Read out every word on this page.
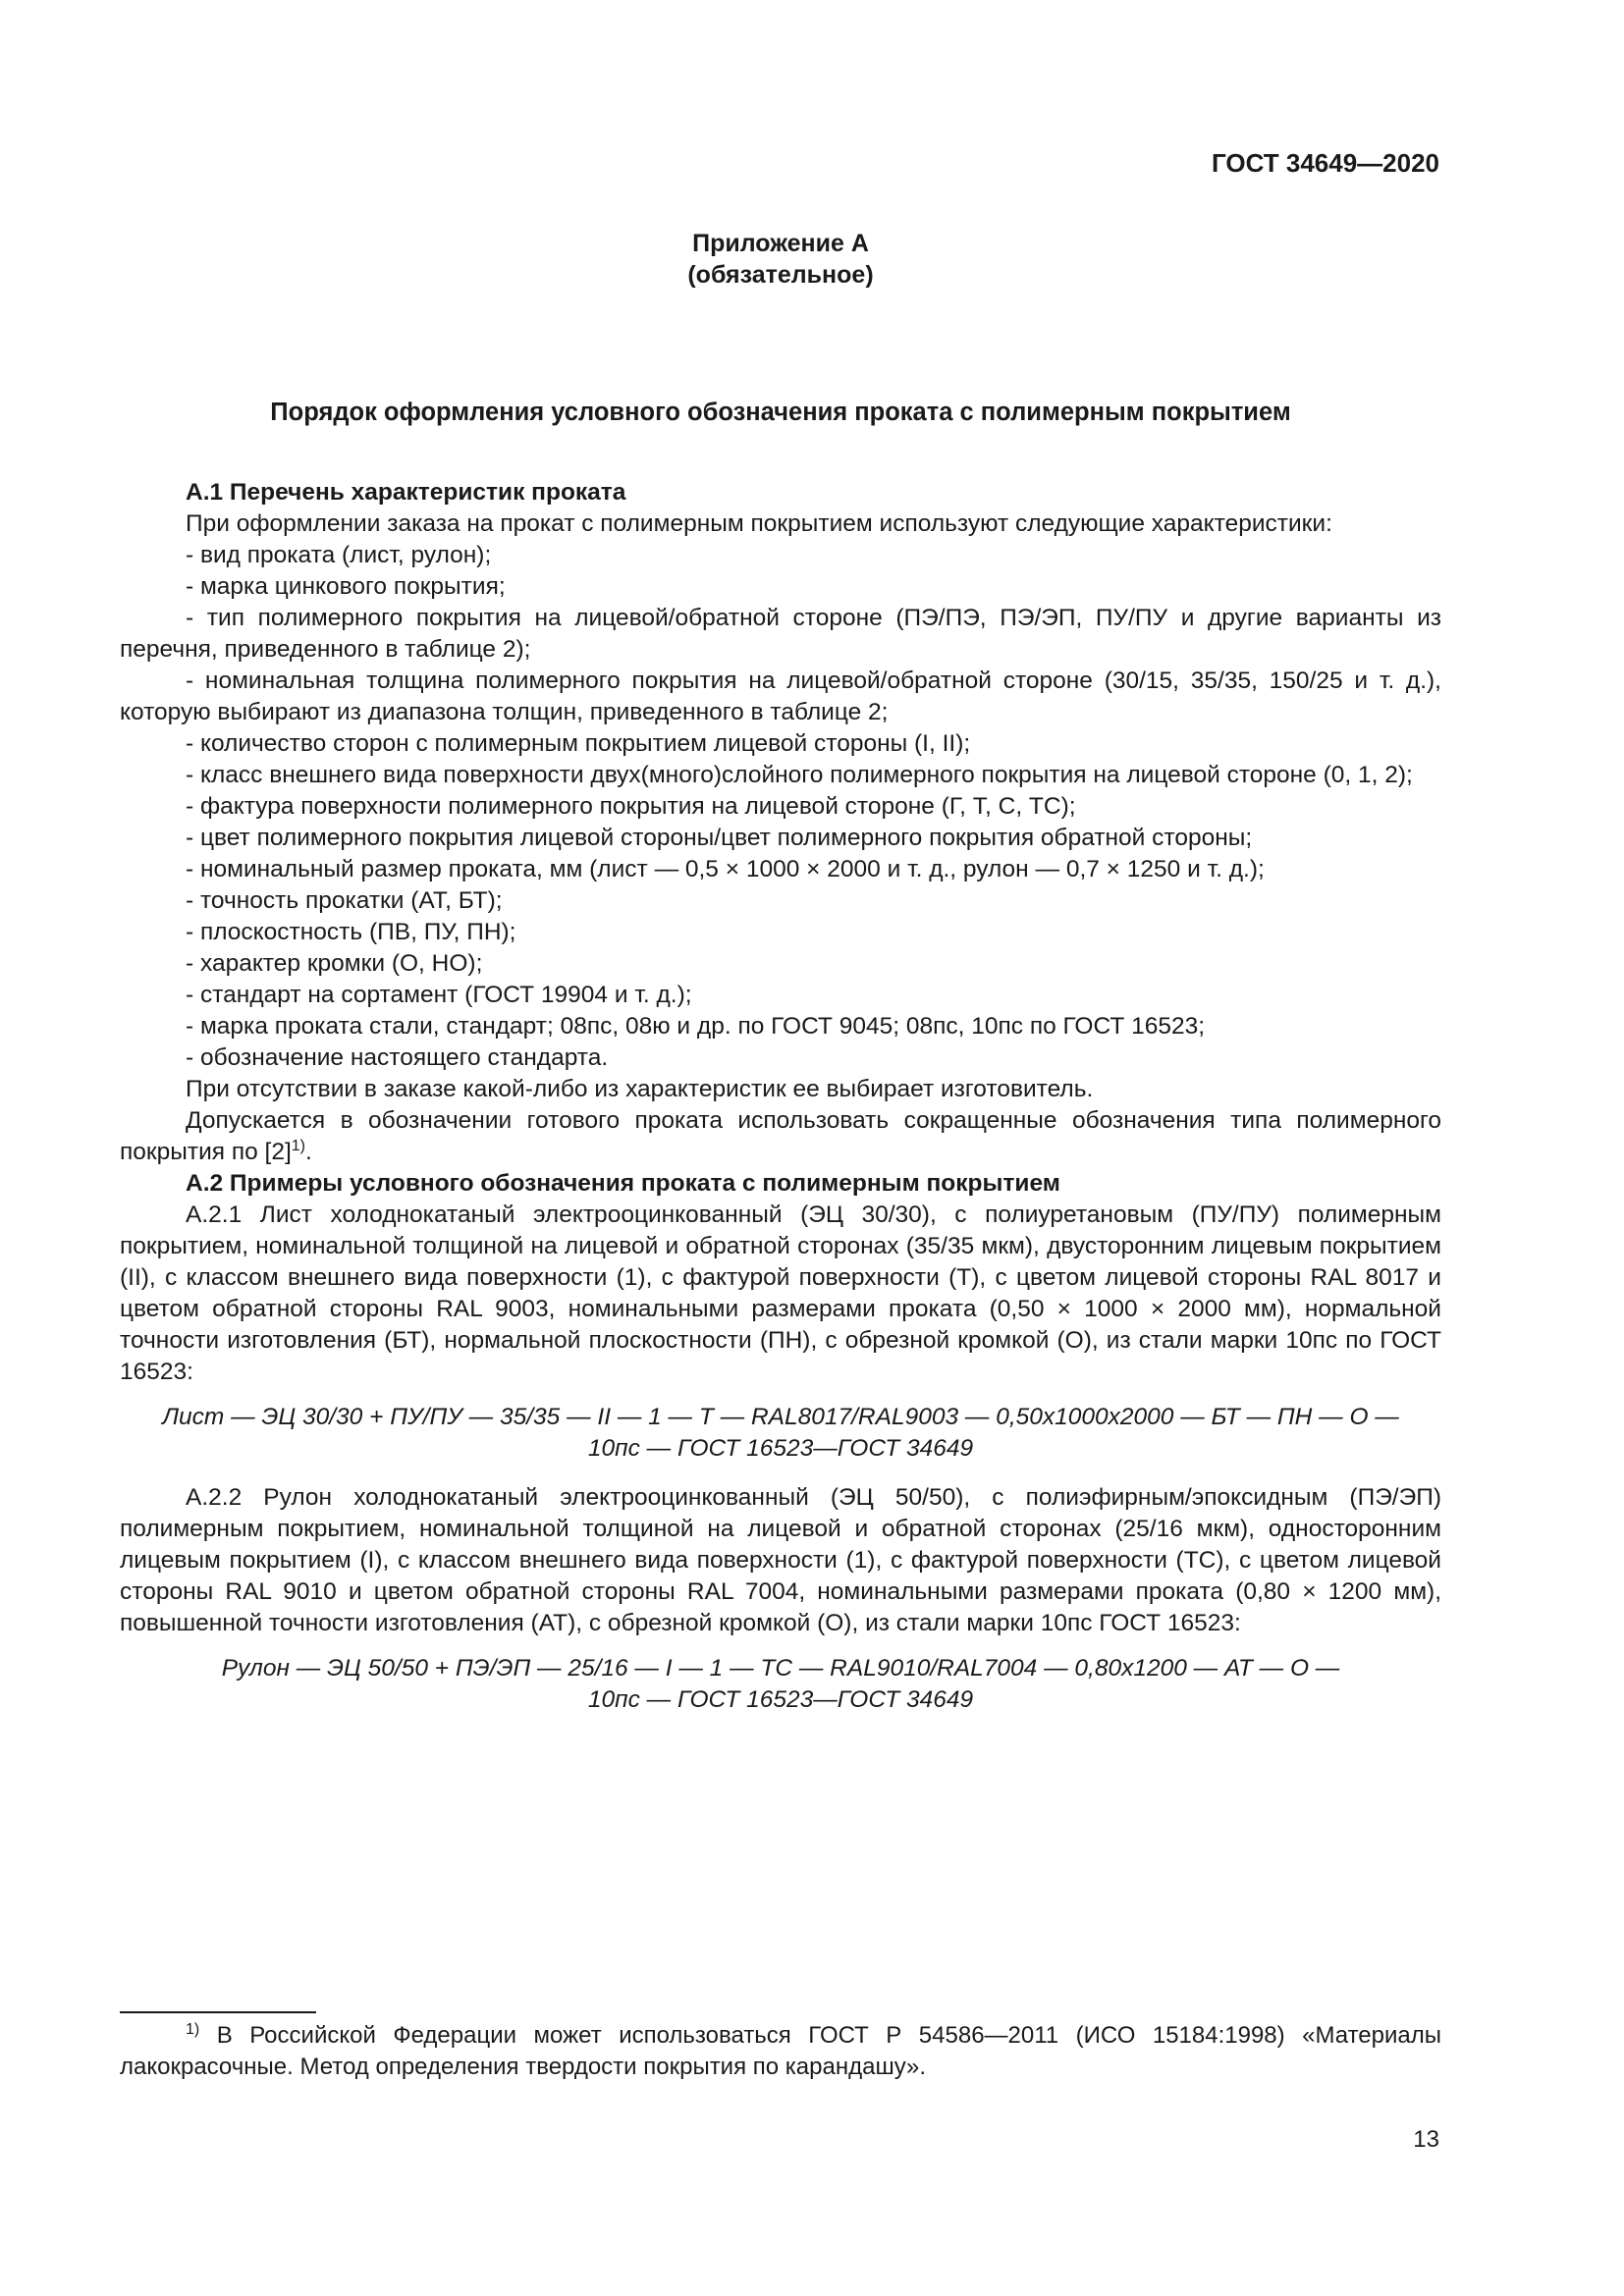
ГОСТ 34649—2020
Приложение А
(обязательное)
Порядок оформления условного обозначения проката с полимерным покрытием

А.1 Перечень характеристик проката

При оформлении заказа на прокат с полимерным покрытием используют следующие характеристики:

- вид проката (лист, рулон);

- марка цинкового покрытия;

- тип полимерного покрытия на лицевой/обратной стороне (ПЭ/ПЭ, ПЭ/ЭП, ПУ/ПУ и другие варианты из перечня, приведенного в таблице 2);

- номинальная толщина полимерного покрытия на лицевой/обратной стороне (30/15, 35/35, 150/25 и т. д.), которую выбирают из диапазона толщин, приведенного в таблице 2;

- количество сторон с полимерным покрытием лицевой стороны (I, II);

- класс внешнего вида поверхности двух(много)слойного полимерного покрытия на лицевой стороне (0, 1, 2);

- фактура поверхности полимерного покрытия на лицевой стороне (Г, Т, С, ТС);

- цвет полимерного покрытия лицевой стороны/цвет полимерного покрытия обратной стороны;

- номинальный размер проката, мм (лист — 0,5 × 1000 × 2000 и т. д., рулон — 0,7 × 1250 и т. д.);

- точность прокатки (АТ, БТ);

- плоскостность (ПВ, ПУ, ПН);

- характер кромки (О, НО);

- стандарт на сортамент (ГОСТ 19904 и т. д.);

- марка проката стали, стандарт; 08пс, 08ю и др. по ГОСТ 9045; 08пс, 10пс по ГОСТ 16523;

- обозначение настоящего стандарта.

При отсутствии в заказе какой-либо из характеристик ее выбирает изготовитель.

Допускается в обозначении готового проката использовать сокращенные обозначения типа полимерного покрытия по $[2]^{1)}$.

А.2 Примеры условного обозначения проката с полимерным покрытием

А.2.1 Лист холоднокатаный электрооцинкованный (ЭЦ 30/30), с полиуретановым (ПУ/ПУ) полимерным покрытием, номинальной толщиной на лицевой и обратной сторонах (35/35 мкм), двусторонним лицевым покрытием (II), с классом внешнего вида поверхности (1), с фактурой поверхности (Т), с цветом лицевой стороны RAL 8017 и цветом обратной стороны RAL 9003, номинальными размерами проката (0,50 × 1000 × 2000 мм), нормальной точности изготовления (БТ), нормальной плоскостности (ПН), с обрезной кромкой (О), из стали марки 10пс по ГОСТ 16523:

Лист — ЭЦ 30/30 + ПУ/ПУ — 35/35 — II — 1 — Т — RAL8017/RAL9003 — 0,50x1000x2000 — БТ — ПН — О —
10пс — ГОСТ 16523—ГОСТ 34649

А.2.2 Рулон холоднокатаный электрооцинкованный (ЭЦ 50/50), с полиэфирным/эпоксидным (ПЭ/ЭП) полимерным покрытием, номинальной толщиной на лицевой и обратной сторонах (25/16 мкм), односторонним лицевым покрытием (I), с классом внешнего вида поверхности (1), с фактурой поверхности (ТС), с цветом лицевой стороны RAL 9010 и цветом обратной стороны RAL 7004, номинальными размерами проката (0,80 × 1200 мм), повышенной точности изготовления (АТ), с обрезной кромкой (О), из стали марки 10пс ГОСТ 16523:

Рулон — ЭЦ 50/50 + ПЭ/ЭП — 25/16 — I — 1 — ТС — RAL9010/RAL7004 — 0,80x1200 — АТ — О —
10пс — ГОСТ 16523—ГОСТ 34649
$^{1)}$ В Российской Федерации может использоваться ГОСТ Р 54586—2011 (ИСО 15184:1998) «Материалы лакокрасочные. Метод определения твердости покрытия по карандашу».
13
